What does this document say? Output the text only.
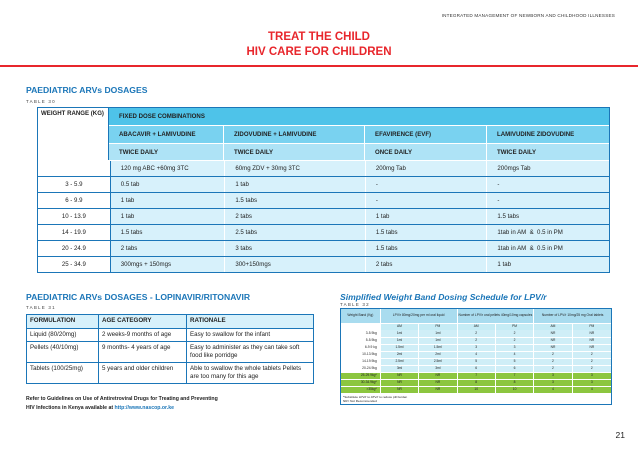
INTEGRATED MANAGEMENT OF NEWBORN AND CHILDHOOD ILLNESSES
TREAT THE CHILD
HIV CARE FOR CHILDREN
PAEDIATRIC ARVs DOSAGES
TABLE 30
WEIGHT RANGE (KG)	FIXED DOSE COMBINATIONS
ABACAVIR + LAMIVUDINE	ZIDOVUDINE + LAMIVUDINE	EFAVIRENCE (EVF)	LAMIVUDINE ZIDOVUDINE
TWICE DAILY	TWICE DAILY	ONCE DAILY	TWICE DAILY
120 mg ABC +60mg 3TC	60mg ZDV + 30mg 3TC	200mg Tab	200mgs Tab
3 - 5.9	0.5 tab	1 tab	-	-
6 - 9.9	1 tab	1.5 tabs	-	-
10 - 13.9	1 tab	2 tabs	1 tab	1.5 tabs
14 - 19.9	1.5 tabs	2.5 tabs	1.5 tabs	1tab in AM  &  0.5 in PM
20 - 24.9	2 tabs	3 tabs	1.5 tabs	1tab in AM  &  0.5 in PM
25 - 34.9	300mgs + 150mgs	300+150mgs	2 tabs	1 tab
PAEDIATRIC ARVs DOSAGES - LOPINAVIR/RITONAVIR
TABLE 31
FORMULATION	AGE CATEGORY	RATIONALE
Liquid (80/20mg)	2 weeks-9 months of age	Easy to swallow for the infant
Pellets (40/10mg)	9 months- 4 years of age	Easy to administer as they can take soft food like porridge
Tablets (100/25mg)	5 years and older children	Able to swallow the whole tablets Pellets are too many for this age
Refer to Guidelines on Use of Antiretroviral Drugs for Treating and Preventing
HIV Infections in Kenya available at http://www.nascop.or.ke
Simplified Weight Band Dosing Schedule for LPV/r
TABLE 32
Weight Band (Kg)	LPV/r 80mg/20mg per ml oral liquid	Number of LPV/r oral pellets 40mg/10mg capsules	Number of LPV/r 10mg/25 mg Oral tablets
AM	PM	AM	PM	AM	PM
3-5.9kg	1ml	1ml	2	2	NR	NR
5-5.9kg	1ml	1ml	2	2	NR	NR
6-9.9 kg	1.5ml	1.5ml	3	3	NR	NR
10-13.9kg	2ml	2ml	4	4	2	2
14-19.9kg	2.5ml	2.5ml	5	5	2	2
20-24.9kg	3ml	3ml	6	6	2	2
25-29.9kg*	NR	NR	7	7	3	3
30-34.9kg*	NR	NR	8	8	3	3
>35kg*	NR	NR	10	10	4	4
*Substitute LPV/r to ATV/r to reduce pill burden
NR= Not Recommended
21
